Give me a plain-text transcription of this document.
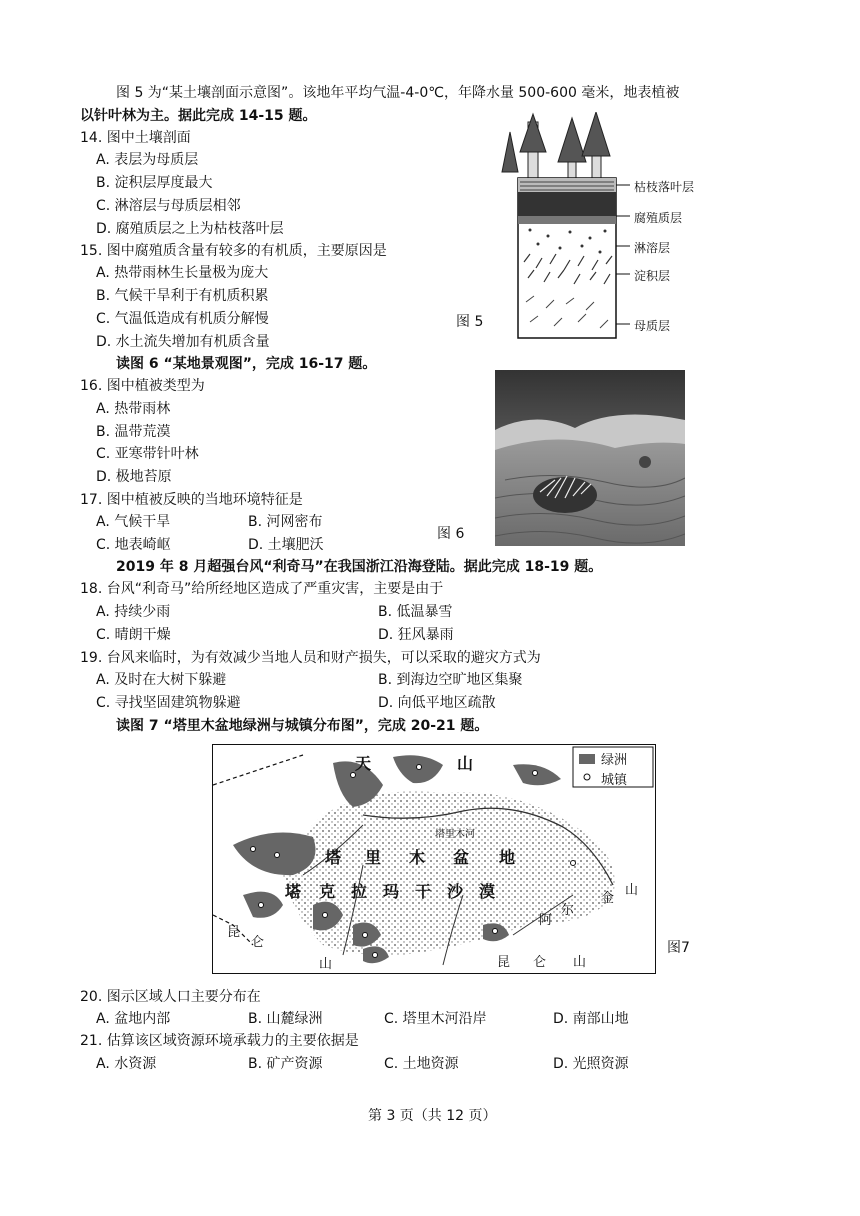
图 5 为“某土壤剖面示意图”。该地年平均气温-4-0℃，年降水量 500-600 毫米，地表植被
以针叶林为主。据此完成 14-15 题。
14. 图中土壤剖面
A. 表层为母质层
B. 淀积层厚度最大
C. 淋溶层与母质层相邻
D. 腐殖质层之上为枯枝落叶层
15. 图中腐殖质含量有较多的有机质，主要原因是
A. 热带雨林生长量极为庞大
B. 气候干旱利于有机质积累
C. 气温低造成有机质分解慢
D. 水土流失增加有机质含量
枯枝落叶层
腐殖质层
淋溶层
淀积层
母质层
图 5
读图 6 “某地景观图”，完成 16-17 题。
16. 图中植被类型为
A. 热带雨林
B. 温带荒漠
C. 亚寒带针叶林
D. 极地苔原
17. 图中植被反映的当地环境特征是
A. 气候干旱	B. 河网密布
C. 地表崎岖	D. 土壤肥沃
图 6
2019 年 8 月超强台风“利奇马”在我国浙江沿海登陆。据此完成 18-19 题。
18. 台风“利奇马”给所经地区造成了严重灾害，主要是由于
A. 持续少雨	B. 低温暴雪
C. 晴朗干燥	D. 狂风暴雨
19. 台风来临时，为有效减少当地人员和财产损失，可以采取的避灾方式为
A. 及时在大树下躲避	B. 到海边空旷地区集聚
C. 寻找坚固建筑物躲避	D. 向低平地区疏散
读图 7 “塔里木盆地绿洲与城镇分布图”，完成 20-21 题。
绿洲
城镇
天	山
塔里木河
塔 里 木 盆 地
塔 克 拉 玛 干 沙 漠
昆
仑
山
阿
尔
金
山
昆 仑 山
图7
20. 图示区域人口主要分布在
A. 盆地内部	B. 山麓绿洲	C. 塔里木河沿岸	D. 南部山地
21. 估算该区域资源环境承载力的主要依据是
A. 水资源	B. 矿产资源	C. 土地资源	D. 光照资源
第 3 页（共 12 页）
